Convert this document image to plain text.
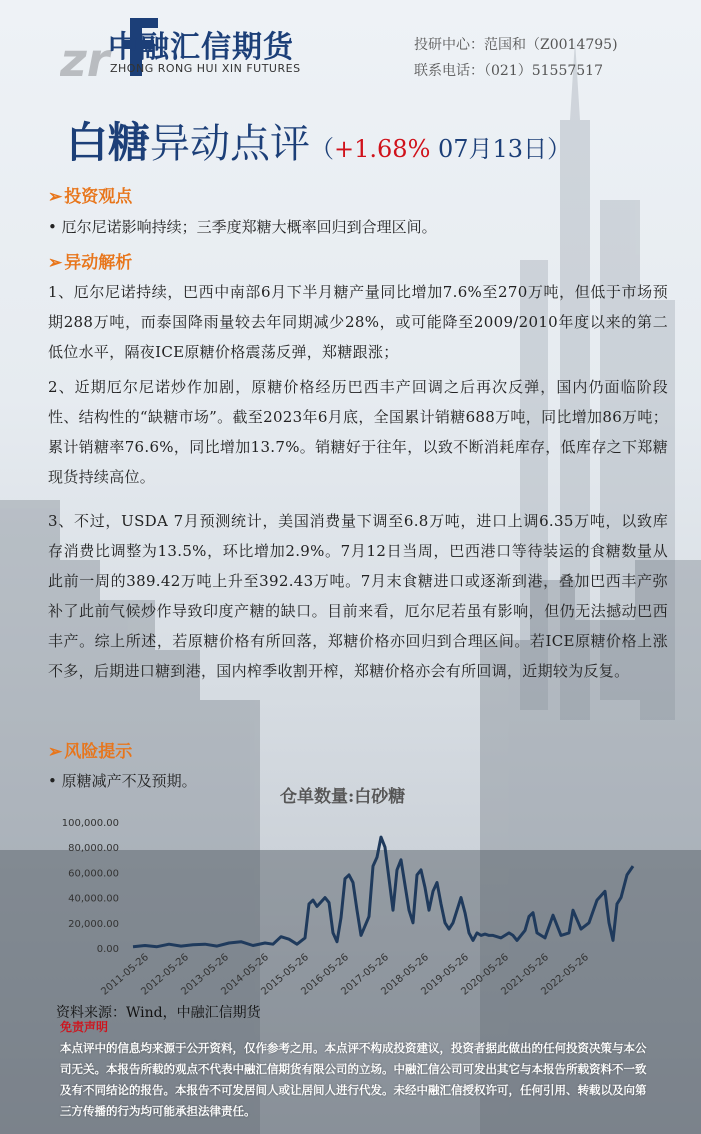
zr
中融汇信期货
ZHONG RONG HUI XIN FUTURES
投研中心：范国和（Z0014795)
联系电话：（021）51557517
白糖异动点评（+1.68% 07月13日）
➢ 投资观点
• 厄尔尼诺影响持续；三季度郑糖大概率回归到合理区间。
➢ 异动解析
1、厄尔尼诺持续，巴西中南部6月下半月糖产量同比增加7.6%至270万吨，但低于市场预期288万吨，而泰国降雨量较去年同期减少28%，或可能降至2009/2010年度以来的第二低位水平，隔夜ICE原糖价格震荡反弹，郑糖跟涨；
2、近期厄尔尼诺炒作加剧，原糖价格经历巴西丰产回调之后再次反弹，国内仍面临阶段性、结构性的“缺糖市场”。截至2023年6月底，全国累计销糖688万吨，同比增加86万吨；累计销糖率76.6%，同比增加13.7%。销糖好于往年，以致不断消耗库存，低库存之下郑糖现货持续高位。
3、不过，USDA 7月预测统计，美国消费量下调至6.8万吨，进口上调6.35万吨，以致库存消费比调整为13.5%，环比增加2.9%。7月12日当周，巴西港口等待装运的食糖数量从此前一周的389.42万吨上升至392.43万吨。7月末食糖进口或逐渐到港，叠加巴西丰产弥补了此前气候炒作导致印度产糖的缺口。目前来看，厄尔尼若虽有影响，但仍无法撼动巴西丰产。综上所述，若原糖价格有所回落，郑糖价格亦回归到合理区间。若ICE原糖价格上涨不多，后期进口糖到港，国内榨季收割开榨，郑糖价格亦会有所回调，近期较为反复。
➢ 风险提示
• 原糖减产不及预期。
仓单数量:白砂糖
100,000.00
80,000.00
60,000.00
40,000.00
20,000.00
0.00
2011-05-26
2012-05-26
2013-05-26
2014-05-26
2015-05-26
2016-05-26
2017-05-26
2018-05-26
2019-05-26
2020-05-26
2021-05-26
2022-05-26
资料来源：Wind，中融汇信期货
免责声明
本点评中的信息均来源于公开资料，仅作参考之用。本点评不构成投资建议，投资者据此做出的任何投资决策与本公司无关。本报告所载的观点不代表中融汇信期货有限公司的立场。中融汇信公司可发出其它与本报告所载资料不一致及有不同结论的报告。本报告不可发居间人或让居间人进行代发。未经中融汇信授权许可，任何引用、转载以及向第三方传播的行为均可能承担法律责任。
